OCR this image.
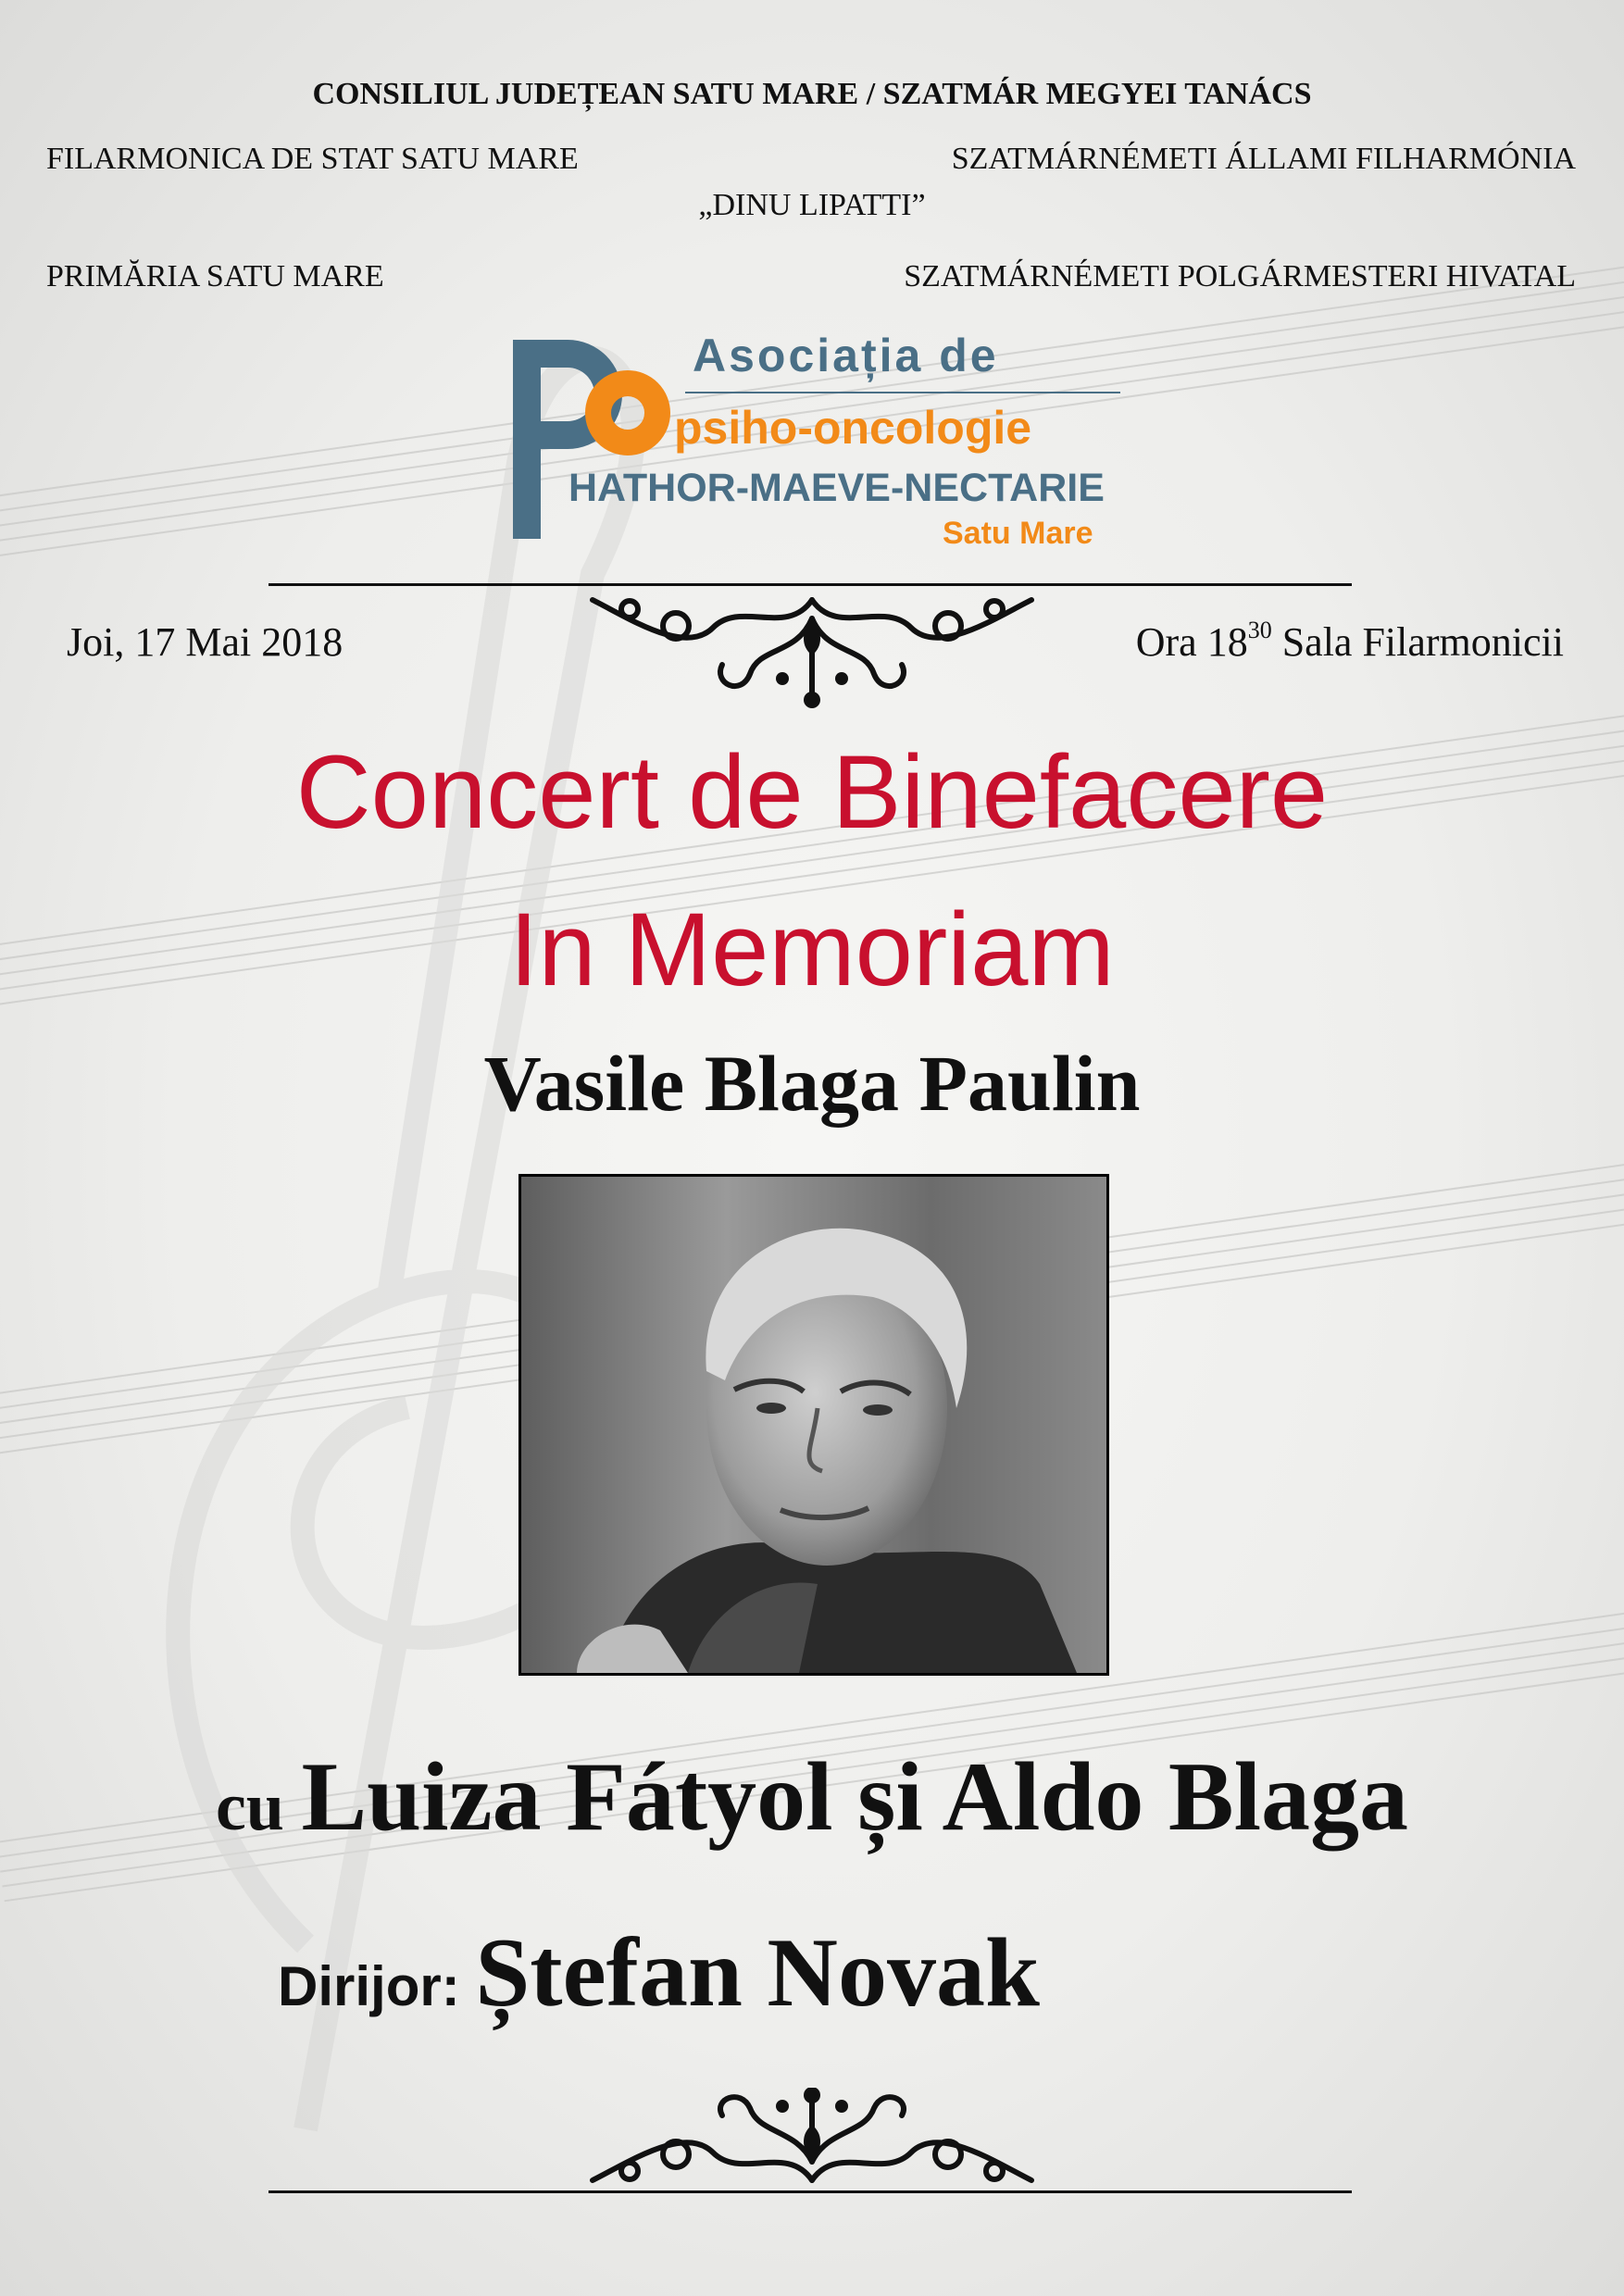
CONSILIUL JUDEȚEAN SATU MARE / SZATMÁR MEGYEI TANÁCS
FILARMONICA DE STAT SATU MARE	SZATMÁRNÉMETI ÁLLAMI FILHARMÓNIA
„DINU LIPATTI”
PRIMĂRIA SATU MARE	SZATMÁRNÉMETI POLGÁRMESTERI HIVATAL
Asociația de
psiho-oncologie
HATHOR-MAEVE-NECTARIE
Satu Mare
Joi, 17 Mai 2018	Ora $18^{30}$ Sala Filarmonicii
Concert de Binefacere
In Memoriam
Vasile Blaga Paulin
cu Luiza Fátyol și Aldo Blaga
Dirijor: Ștefan Novak
